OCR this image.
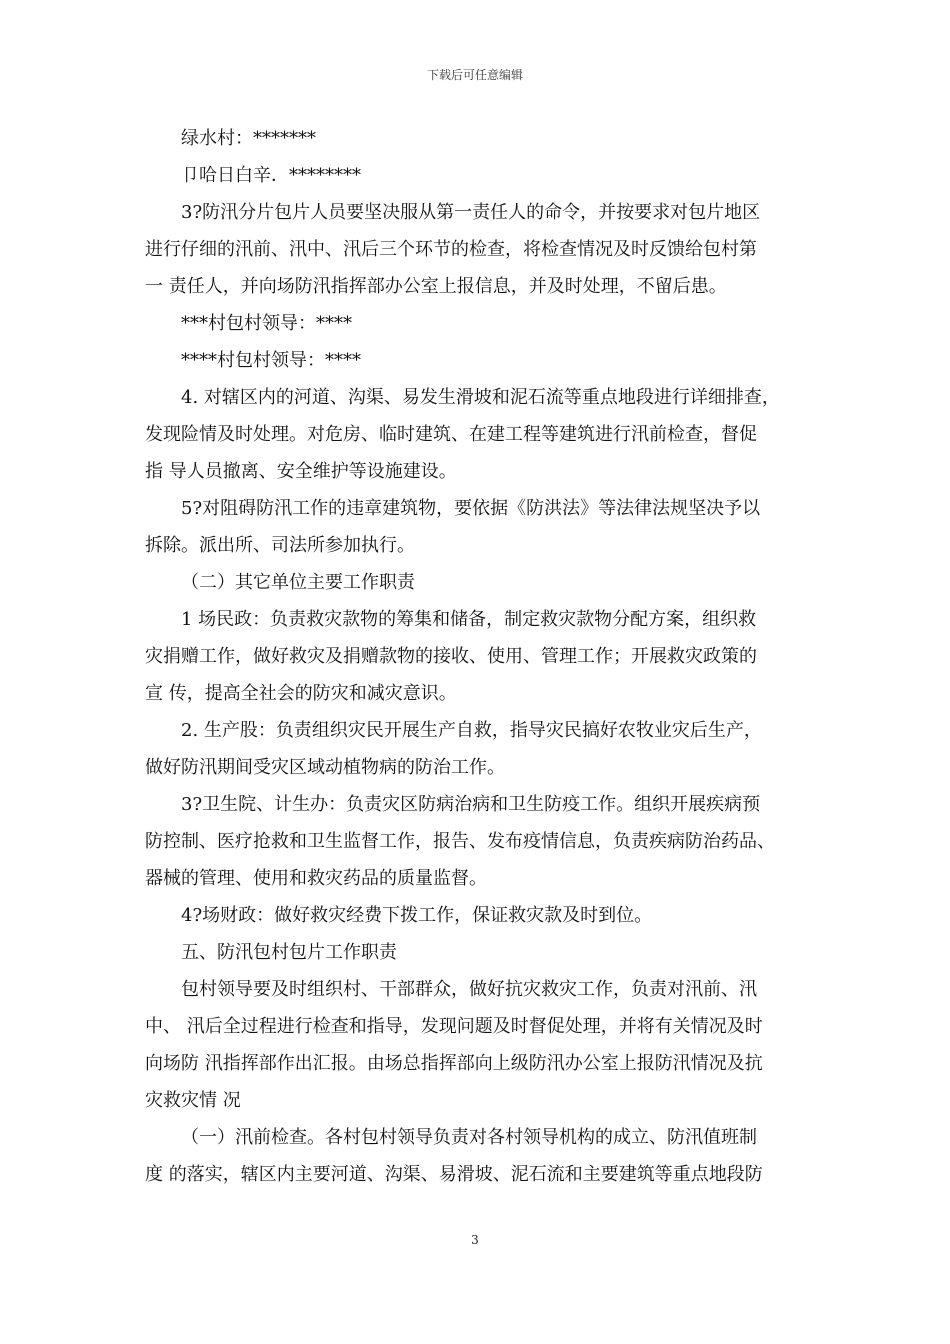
下载后可任意编辑
绿水村：*******
卩哈日白辛．********
3?防汛分片包片人员要坚决服从第一责任人的命令，并按要求对包片地区
进行仔细的汛前、汛中、汛后三个环节的检查，将检查情况及时反馈给包村第
一 责任人，并向场防汛指挥部办公室上报信息，并及时处理，不留后患。
***村包村领导：****
****村包村领导：****
4. 对辖区内的河道、沟渠、易发生滑坡和泥石流等重点地段进行详细排查，
发现险情及时处理。对危房、临时建筑、在建工程等建筑进行汛前检查，督促
指 导人员撤离、安全维护等设施建设。
5?对阻碍防汛工作的违章建筑物，要依据《防洪法》等法律法规坚决予以
拆除。派出所、司法所参加执行。
（二）其它单位主要工作职责
1 场民政：负责救灾款物的筹集和储备，制定救灾款物分配方案，组织救
灾捐赠工作，做好救灾及捐赠款物的接收、使用、管理工作；开展救灾政策的
宣 传，提高全社会的防灾和减灾意识。
2. 生产股：负责组织灾民开展生产自救，指导灾民搞好农牧业灾后生产，
做好防汛期间受灾区域动植物病的防治工作。
3?卫生院、计生办：负责灾区防病治病和卫生防疫工作。组织开展疾病预
防控制、医疗抢救和卫生监督工作，报告、发布疫情信息，负责疾病防治药品、
器械的管理、使用和救灾药品的质量监督。
4?场财政：做好救灾经费下拨工作，保证救灾款及时到位。
五、防汛包村包片工作职责
包村领导要及时组织村、干部群众，做好抗灾救灾工作，负责对汛前、汛
中、 汛后全过程进行检查和指导，发现问题及时督促处理，并将有关情况及时
向场防 汛指挥部作出汇报。由场总指挥部向上级防汛办公室上报防汛情况及抗
灾救灾情 况
（一）汛前检查。各村包村领导负责对各村领导机构的成立、防汛值班制
度 的落实，辖区内主要河道、沟渠、易滑坡、泥石流和主要建筑等重点地段防
3
